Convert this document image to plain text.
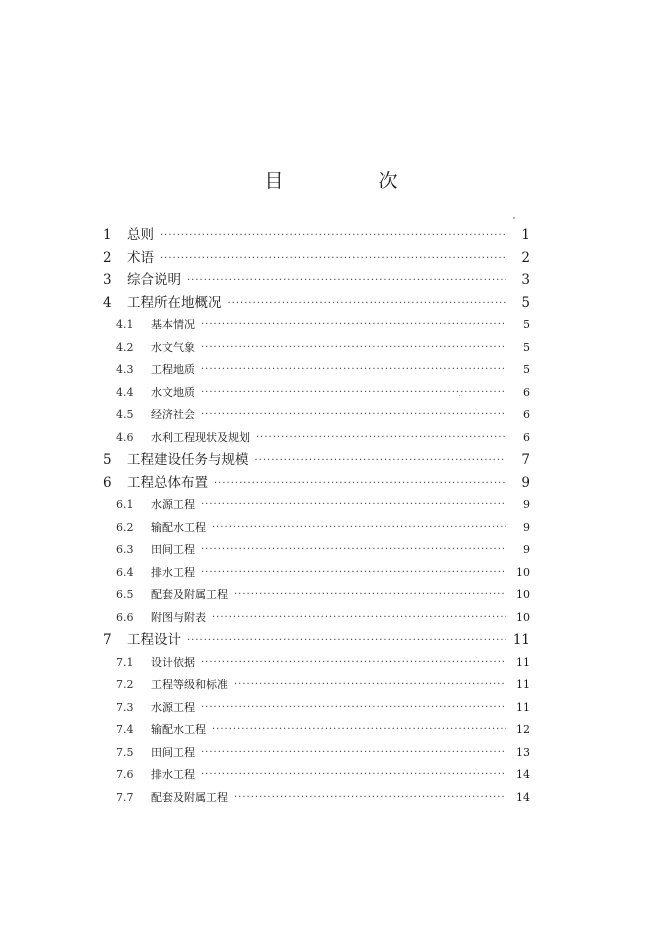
目　次
1	总则 ·····	1
2	术语 ·····	2
3	综合说明 ·····	3
4	工程所在地概况 ·····	5
4.1	基本情况 ·····	5
4.2	水文气象 ·····	5
4.3	工程地质 ·····	5
4.4	水文地质 ·····	6
4.5	经济社会 ·····	6
4.6	水利工程现状及规划 ·····	6
5	工程建设任务与规模 ·····	7
6	工程总体布置 ·····	9
6.1	水源工程 ·····	9
6.2	输配水工程 ·····	9
6.3	田间工程 ·····	9
6.4	排水工程 ·····	10
6.5	配套及附属工程 ·····	10
6.6	附图与附表 ·····	10
7	工程设计 ·····	11
7.1	设计依据 ·····	11
7.2	工程等级和标准 ·····	11
7.3	水源工程 ·····	11
7.4	输配水工程 ·····	12
7.5	田间工程 ·····	13
7.6	排水工程 ·····	14
7.7	配套及附属工程 ·····	14
